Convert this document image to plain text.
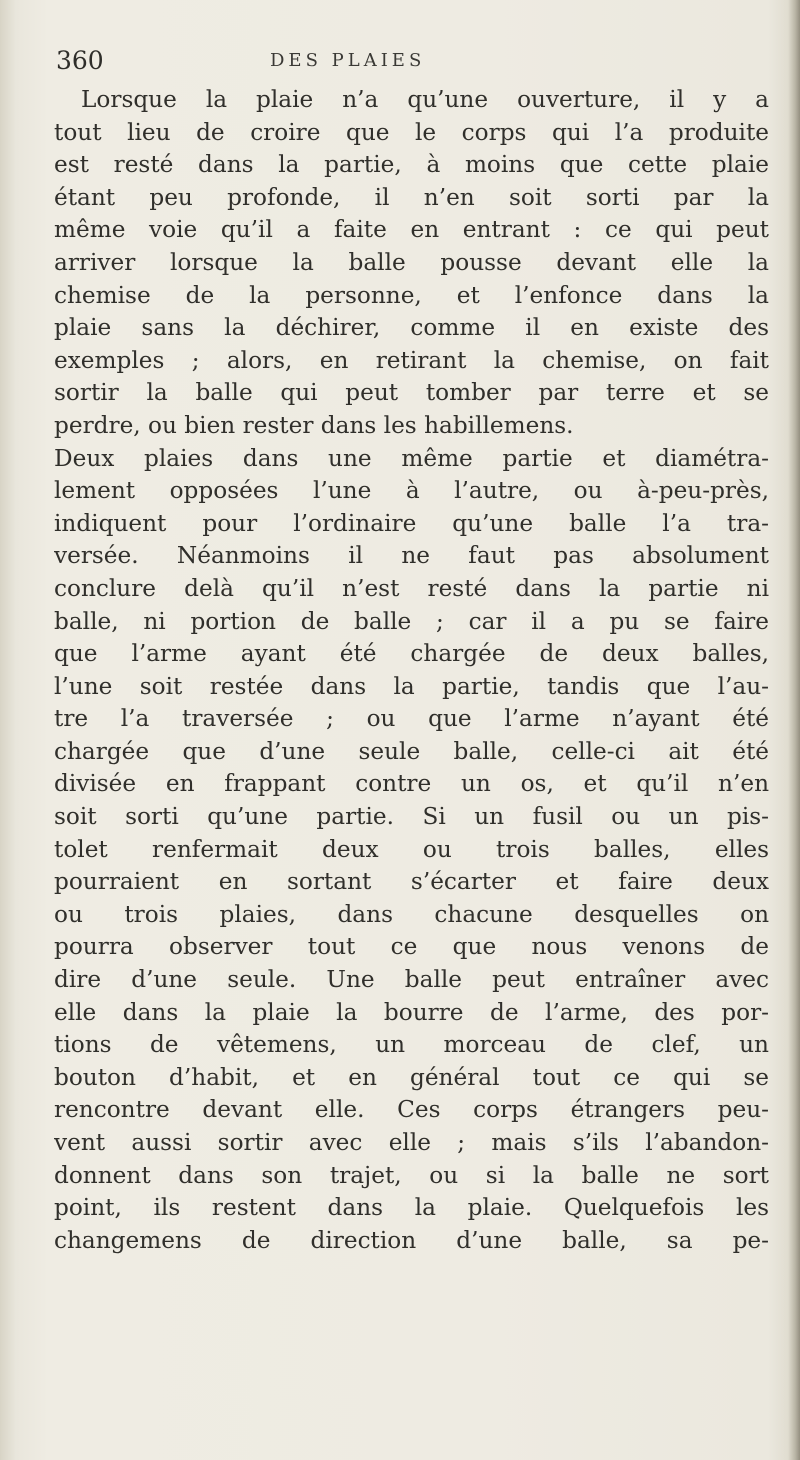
360	DES PLAIES
Lorsque la plaie n’a qu’une ouverture, il y a
tout lieu de croire que le corps qui l’a produite
est resté dans la partie, à moins que cette plaie
étant peu profonde, il n’en soit sorti par la
même voie qu’il a faite en entrant : ce qui peut
arriver lorsque la balle pousse devant elle la
chemise de la personne, et l’enfonce dans la
plaie sans la déchirer, comme il en existe des
exemples ; alors, en retirant la chemise, on fait
sortir la balle qui peut tomber par terre et se
perdre, ou bien rester dans les habillemens.
Deux plaies dans une même partie et diamétra-
lement opposées l’une à l’autre, ou à-peu-près,
indiquent pour l’ordinaire qu’une balle l’a tra-
versée. Néanmoins il ne faut pas absolument
conclure delà qu’il n’est resté dans la partie ni
balle, ni portion de balle ; car il a pu se faire
que l’arme ayant été chargée de deux balles,
l’une soit restée dans la partie, tandis que l’au-
tre l’a traversée ; ou que l’arme n’ayant été
chargée que d’une seule balle, celle-ci ait été
divisée en frappant contre un os, et qu’il n’en
soit sorti qu’une partie. Si un fusil ou un pis-
tolet renfermait deux ou trois balles, elles
pourraient en sortant s’écarter et faire deux
ou trois plaies, dans chacune desquelles on
pourra observer tout ce que nous venons de
dire d’une seule. Une balle peut entraîner avec
elle dans la plaie la bourre de l’arme, des por-
tions de vêtemens, un morceau de clef, un
bouton d’habit, et en général tout ce qui se
rencontre devant elle. Ces corps étrangers peu-
vent aussi sortir avec elle ; mais s’ils l’abandon-
donnent dans son trajet, ou si la balle ne sort
point, ils restent dans la plaie. Quelquefois les
changemens de direction d’une balle, sa pe-
